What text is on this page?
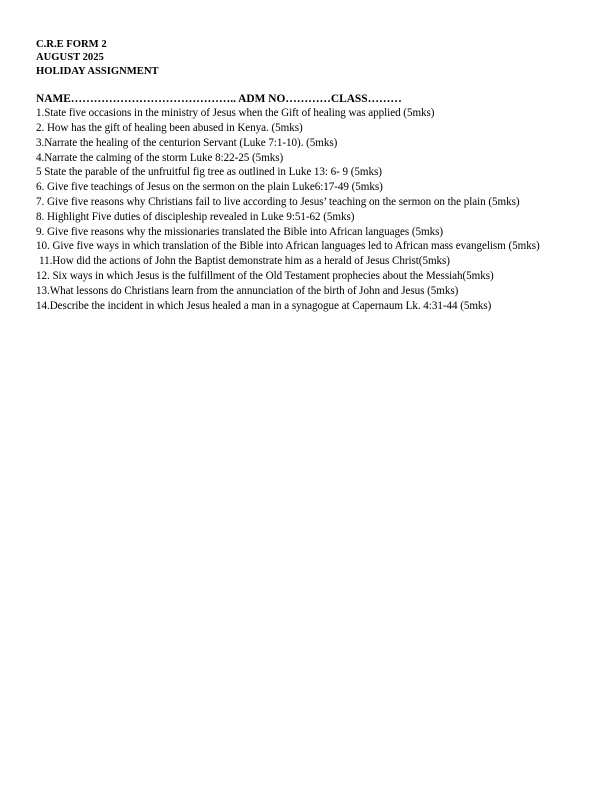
C.R.E FORM 2
AUGUST 2025
HOLIDAY ASSIGNMENT
NAME…………………………………….. ADM NO…………CLASS………
1.State five occasions in the ministry of Jesus when the Gift of healing was applied (5mks)
2. How has the gift of healing been abused in Kenya. (5mks)
3.Narrate the healing of the centurion Servant (Luke 7:1-10). (5mks)
4.Narrate the calming of the storm Luke 8:22-25 (5mks)
5 State the parable of the unfruitful fig tree as outlined in Luke 13: 6- 9 (5mks)
6. Give five teachings of Jesus on the sermon on the plain Luke6:17-49 (5mks)
7. Give five reasons why Christians fail to live according to Jesus’ teaching on the sermon on the plain (5mks)
8. Highlight Five duties of discipleship revealed in Luke 9:51-62 (5mks)
9. Give five reasons why the missionaries translated the Bible into African languages (5mks)
10. Give five ways in which translation of the Bible into African languages led to African mass evangelism (5mks)
11.How did the actions of John the Baptist demonstrate him as a herald of Jesus Christ(5mks)
12. Six ways in which Jesus is the fulfillment of the Old Testament prophecies about the Messiah(5mks)
13.What lessons do Christians learn from the annunciation of the birth of John and Jesus (5mks)
14.Describe the incident in which Jesus healed a man in a synagogue at Capernaum Lk. 4:31-44 (5mks)
